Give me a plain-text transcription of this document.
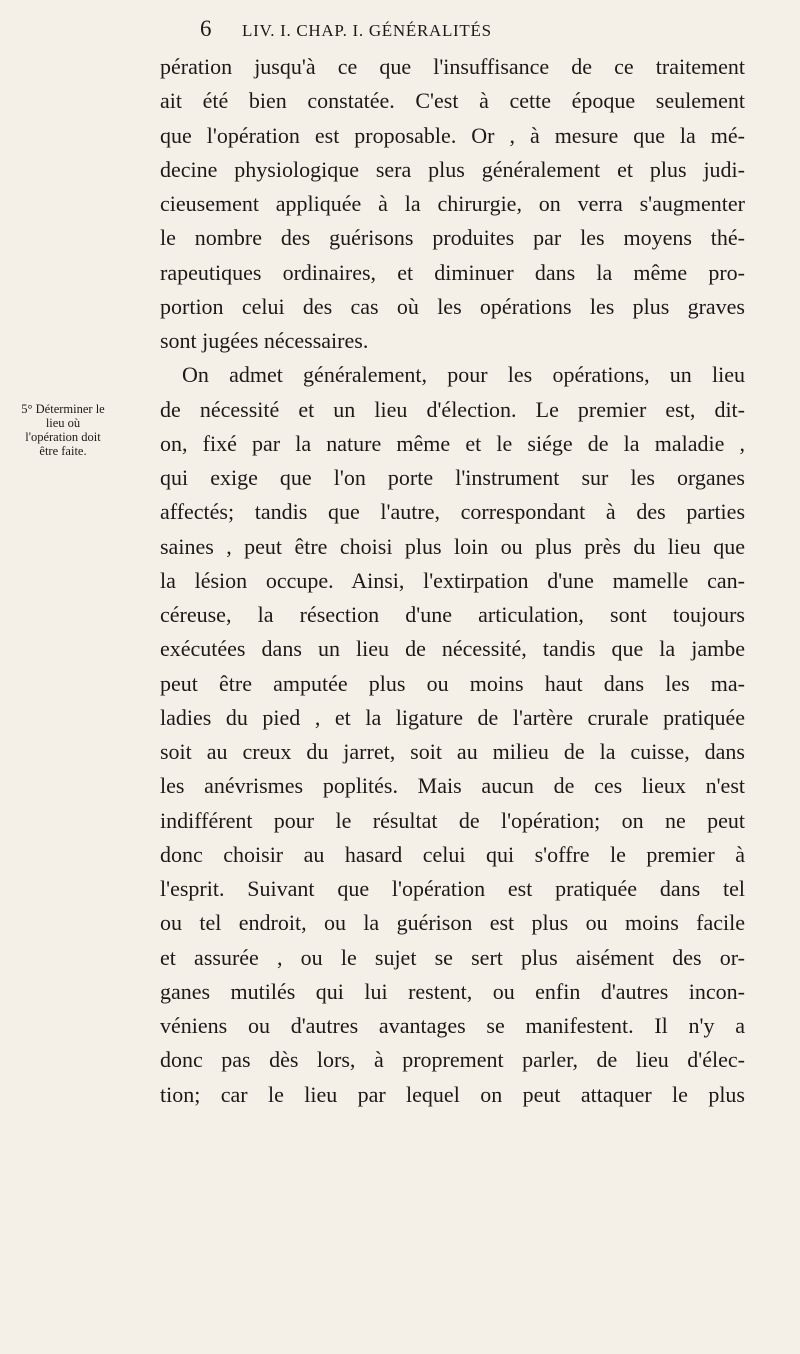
6 LIV. I. CHAP. I. GÉNÉRALITÉS
5° Déterminer le
lieu où
l'opération doit
être faite.
pération jusqu'à ce que l'insuffisance de ce traitement
ait été bien constatée. C'est à cette époque seulement
que l'opération est proposable. Or , à mesure que la mé-
decine physiologique sera plus généralement et plus judi-
cieusement appliquée à la chirurgie, on verra s'augmenter
le nombre des guérisons produites par les moyens thé-
rapeutiques ordinaires, et diminuer dans la même pro-
portion celui des cas où les opérations les plus graves
sont jugées nécessaires.
On admet généralement, pour les opérations, un lieu
de nécessité et un lieu d'élection. Le premier est, dit-
on, fixé par la nature même et le siége de la maladie ,
qui exige que l'on porte l'instrument sur les organes
affectés; tandis que l'autre, correspondant à des parties
saines , peut être choisi plus loin ou plus près du lieu que
la lésion occupe. Ainsi, l'extirpation d'une mamelle can-
céreuse, la résection d'une articulation, sont toujours
exécutées dans un lieu de nécessité, tandis que la jambe
peut être amputée plus ou moins haut dans les ma-
ladies du pied , et la ligature de l'artère crurale pratiquée
soit au creux du jarret, soit au milieu de la cuisse, dans
les anévrismes poplités. Mais aucun de ces lieux n'est
indifférent pour le résultat de l'opération; on ne peut
donc choisir au hasard celui qui s'offre le premier à
l'esprit. Suivant que l'opération est pratiquée dans tel
ou tel endroit, ou la guérison est plus ou moins facile
et assurée , ou le sujet se sert plus aisément des or-
ganes mutilés qui lui restent, ou enfin d'autres incon-
véniens ou d'autres avantages se manifestent. Il n'y a
donc pas dès lors, à proprement parler, de lieu d'élec-
tion; car le lieu par lequel on peut attaquer le plus
